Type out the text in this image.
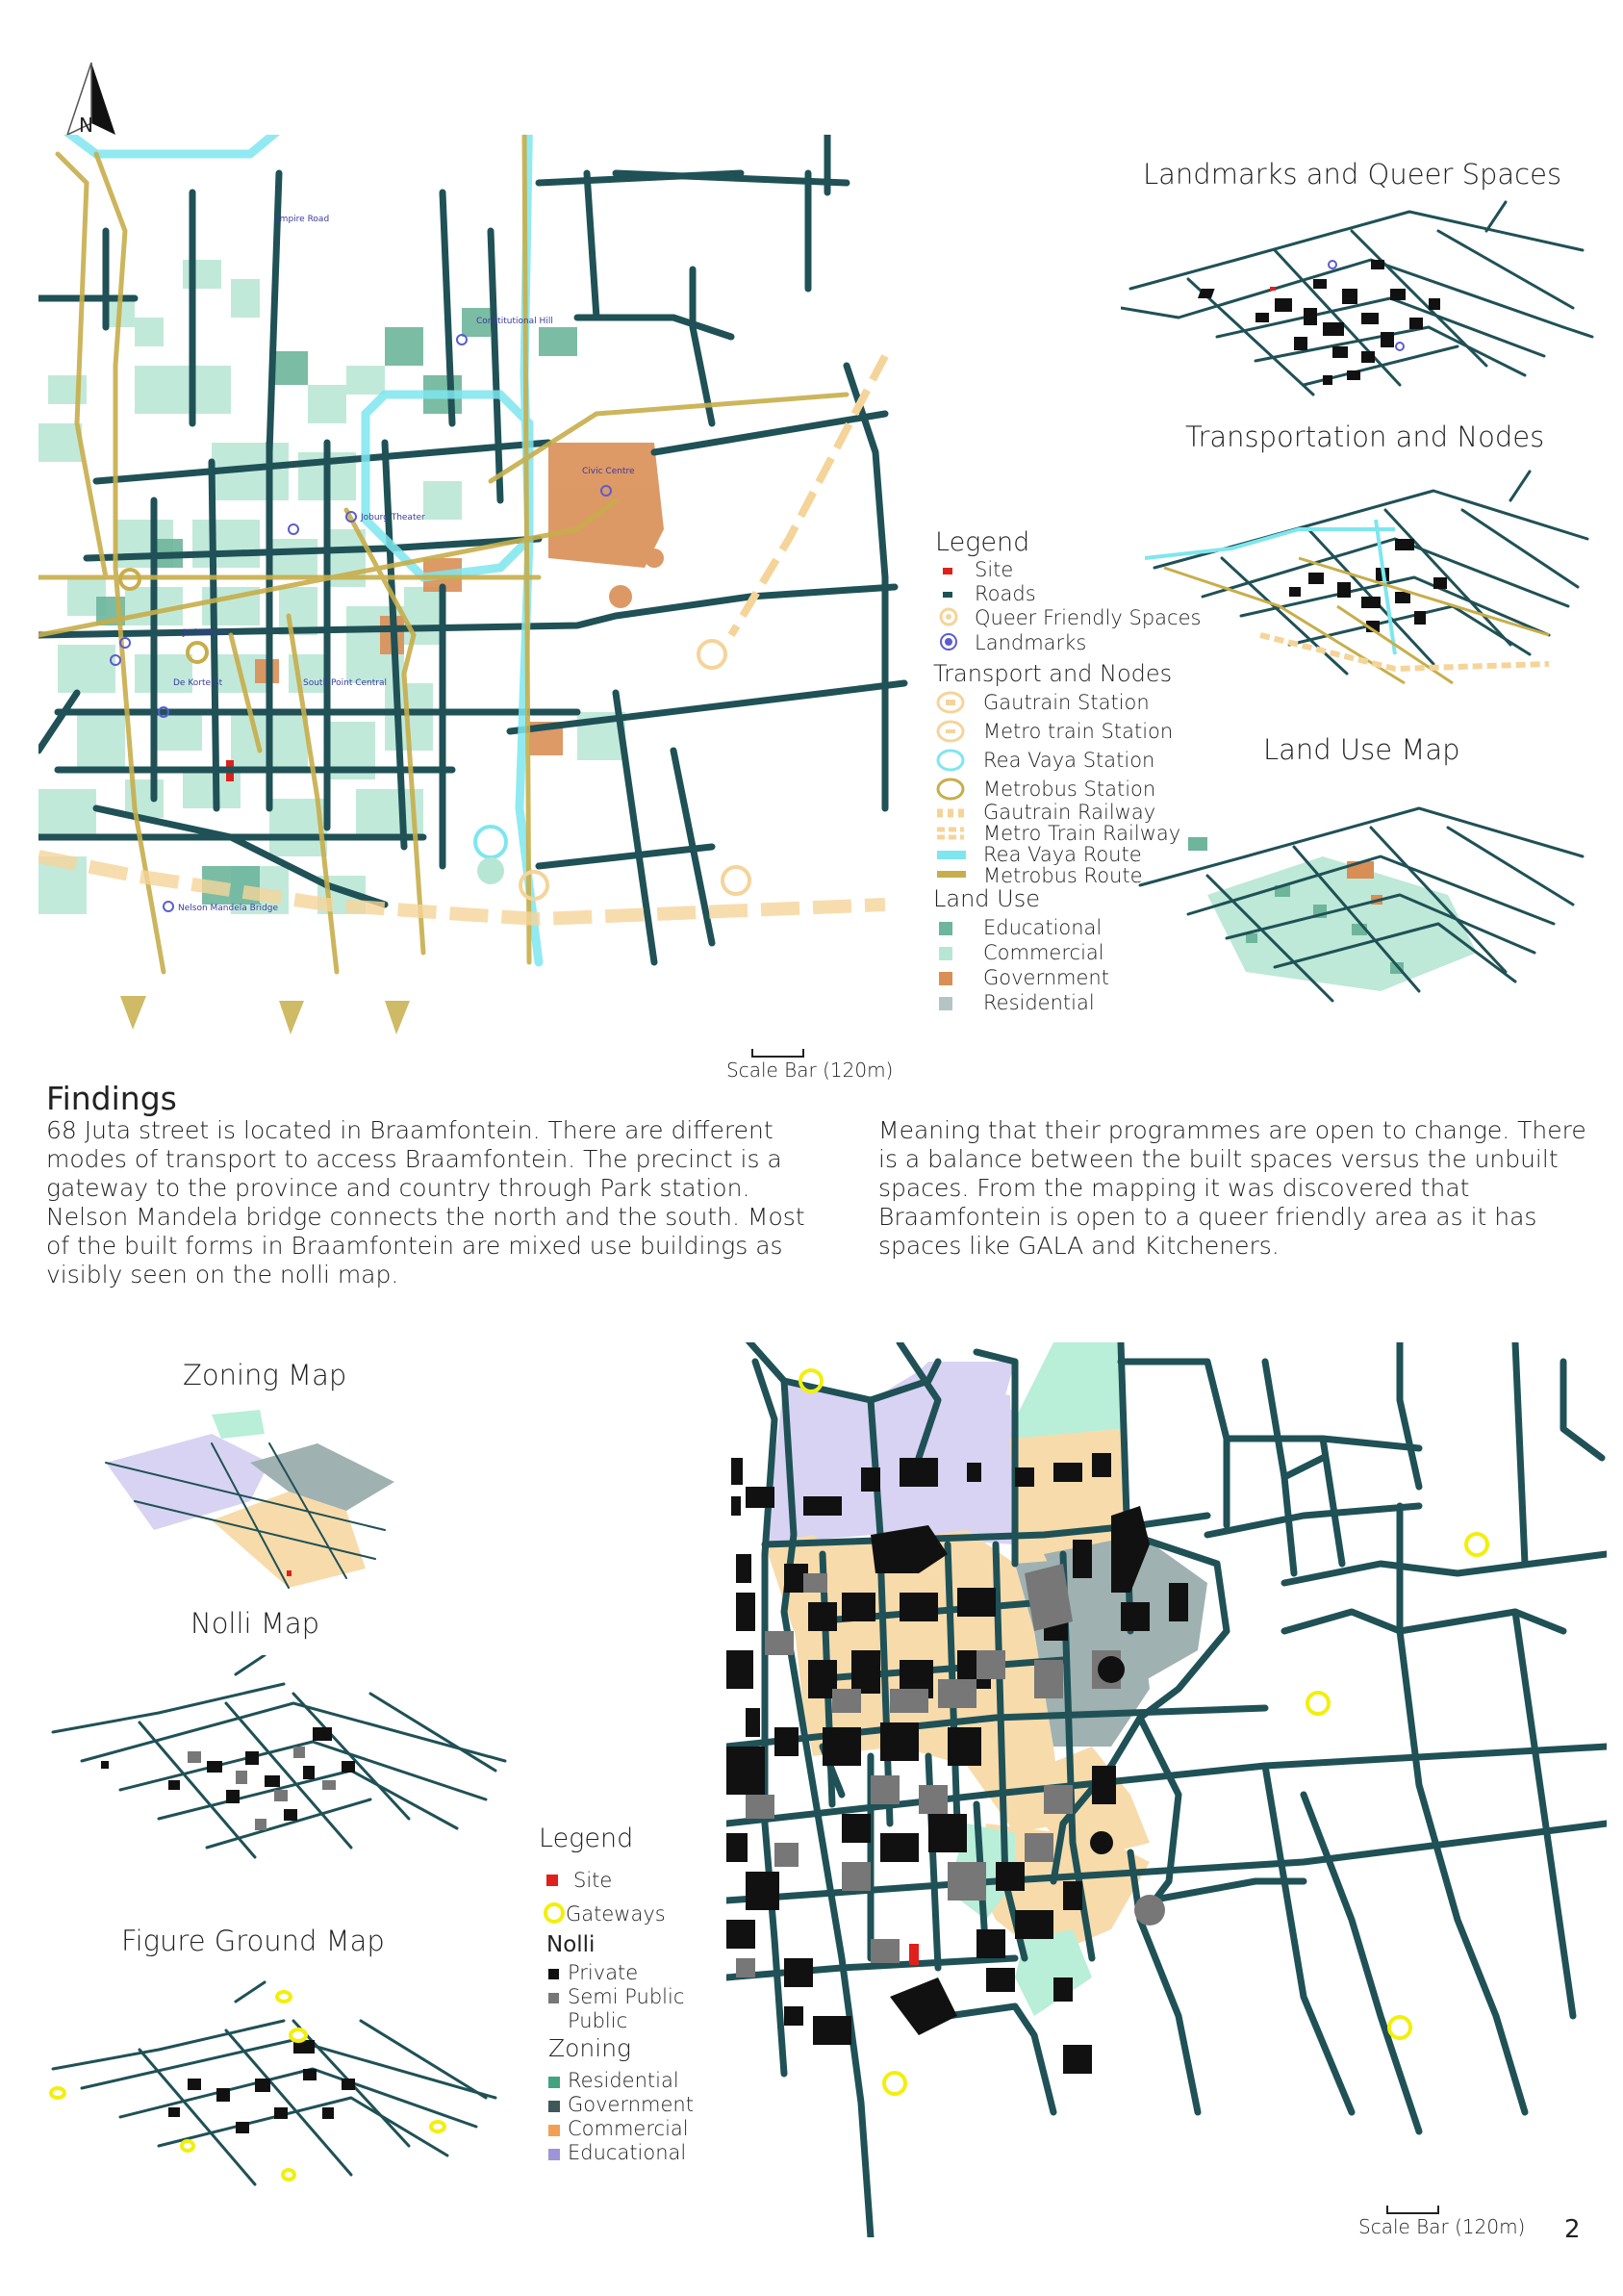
N
Constitutional Hill
Civic Centre
Joburg Theater
Jorissen St
De Korte St	South Point Central
Nelson Mandela Bridge
Empire Road
Scale Bar (120m)
Legend
Site
Roads
Queer Friendly Spaces
Landmarks
Transport and Nodes
Gautrain Station
Metro train Station
Rea Vaya Station
Metrobus Station
Gautrain Railway
Metro Train Railway
Rea Vaya Route
Metrobus Route
Land Use
Educational
Commercial
Government
Residential
Landmarks and Queer Spaces
Transportation and Nodes
Land Use Map
Findings
68 Juta street is located in Braamfontein. There are different modes of transport to access Braamfontein. The precinct is a gateway to the province and country through Park station. Nelson Mandela bridge connects the north and the south. Most of the built forms in Braamfontein are mixed use buildings as visibly seen on the nolli map.
Meaning that their programmes are open to change. There is a balance between the built spaces versus the unbuilt spaces. From the mapping it was discovered that Braamfontein is open to a queer friendly area as it has spaces like GALA and Kitcheners.
Zoning Map
Nolli Map
Figure Ground Map
Legend
Site
Gateways
Nolli
Private
Semi Public
Public
Zoning
Residential
Government
Commercial
Educational
Scale Bar (120m) 2
